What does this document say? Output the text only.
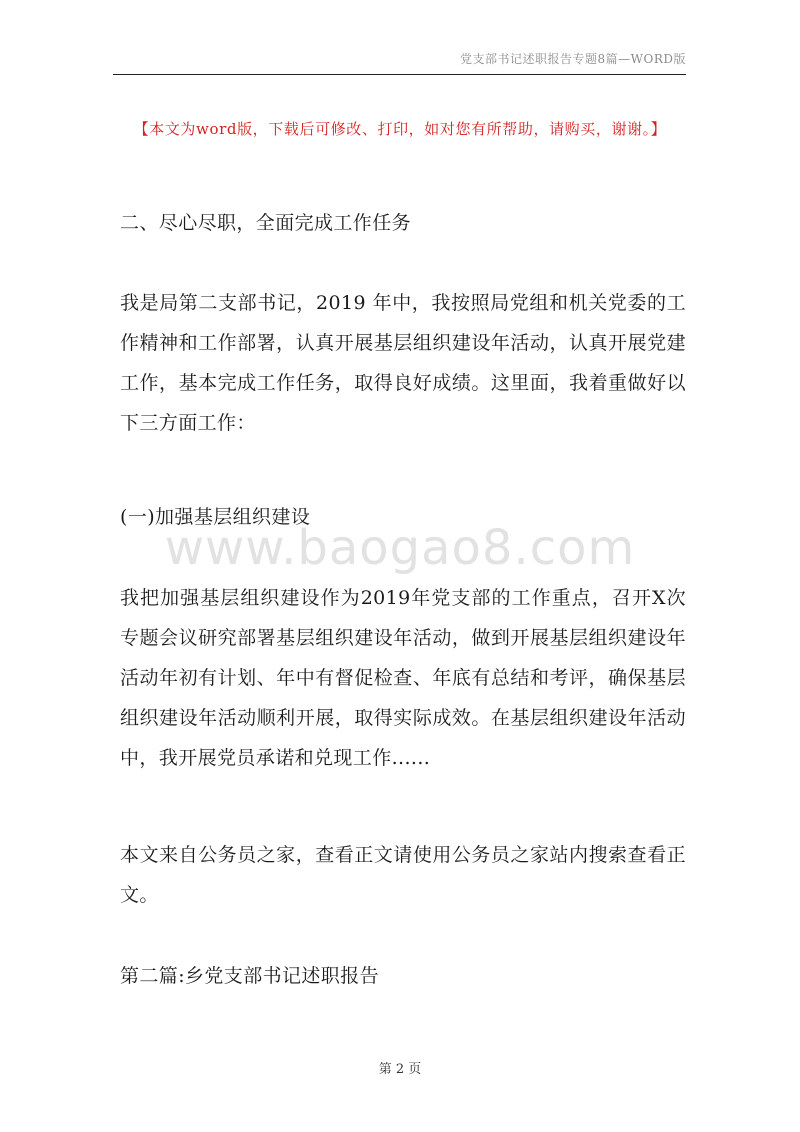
党支部书记述职报告专题8篇—WORD版
【本文为word版，下载后可修改、打印，如对您有所帮助，请购买，谢谢。】
www.baogao8.com

二、尽心尽职，全面完成工作任务

我是局第二支部书记，2019 年中，我按照局党组和机关党委的工作精神和工作部署，认真开展基层组织建设年活动，认真开展党建工作，基本完成工作任务，取得良好成绩。这里面，我着重做好以下三方面工作：

(一)加强基层组织建设

我把加强基层组织建设作为2019年党支部的工作重点，召开X次专题会议研究部署基层组织建设年活动，做到开展基层组织建设年活动年初有计划、年中有督促检查、年底有总结和考评，确保基层组织建设年活动顺利开展，取得实际成效。在基层组织建设年活动中，我开展党员承诺和兑现工作......

本文来自公务员之家，查看正文请使用公务员之家站内搜索查看正文。

第二篇:乡党支部书记述职报告

第 2 页
